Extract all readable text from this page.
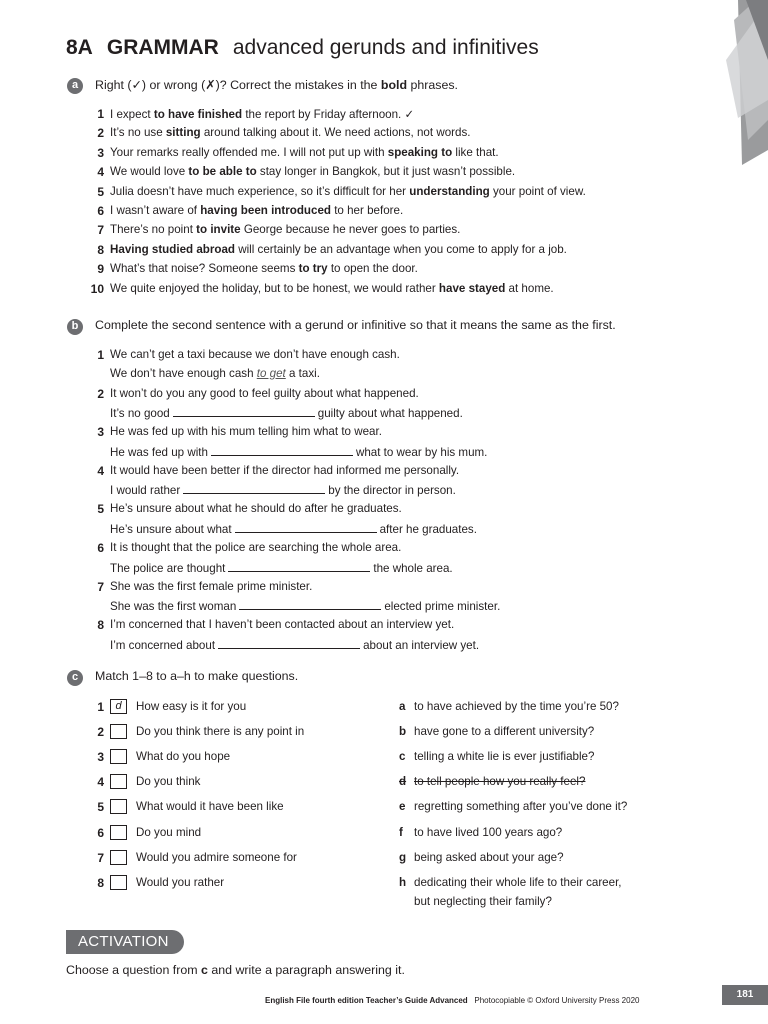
8A GRAMMAR advanced gerunds and infinitives
a	Right (✓) or wrong (✗)? Correct the mistakes in the bold phrases.
1 I expect to have finished the report by Friday afternoon. ✓
2 It’s no use sitting around talking about it. We need actions, not words.
3 Your remarks really offended me. I will not put up with speaking to like that.
4 We would love to be able to stay longer in Bangkok, but it just wasn’t possible.
5 Julia doesn’t have much experience, so it’s difficult for her understanding your point of view.
6 I wasn’t aware of having been introduced to her before.
7 There’s no point to invite George because he never goes to parties.
8 Having studied abroad will certainly be an advantage when you come to apply for a job.
9 What’s that noise? Someone seems to try to open the door.
10 We quite enjoyed the holiday, but to be honest, we would rather have stayed at home.
b	Complete the second sentence with a gerund or infinitive so that it means the same as the first.
1 We can’t get a taxi because we don’t have enough cash.
We don’t have enough cash to get a taxi.
2 It won’t do you any good to feel guilty about what happened.
It’s no good	guilty about what happened.
3 He was fed up with his mum telling him what to wear.
He was fed up with	what to wear by his mum.
4 It would have been better if the director had informed me personally.
I would rather	by the director in person.
5 He’s unsure about what he should do after he graduates.
He’s unsure about what	after he graduates.
6 It is thought that the police are searching the whole area.
The police are thought	the whole area.
7 She was the first female prime minister.
She was the first woman	elected prime minister.
8 I’m concerned that I haven’t been contacted about an interview yet.
I’m concerned about	about an interview yet.
c	Match 1–8 to a–h to make questions.
1	d	How easy is it for you
2	Do you think there is any point in
3	What do you hope
4	Do you think
5	What would it have been like
6	Do you mind
7	Would you admire someone for
8	Would you rather
a to have achieved by the time you’re 50?
b have gone to a different university?
c telling a white lie is ever justifiable?
d to tell people how you really feel?
e regretting something after you’ve done it?
f to have lived 100 years ago?
g being asked about your age?
h dedicating their whole life to their career,
but neglecting their family?
ACTIVATION
Choose a question from c and write a paragraph answering it.
English File fourth edition Teacher’s Guide Advanced Photocopiable © Oxford University Press 2020
181
